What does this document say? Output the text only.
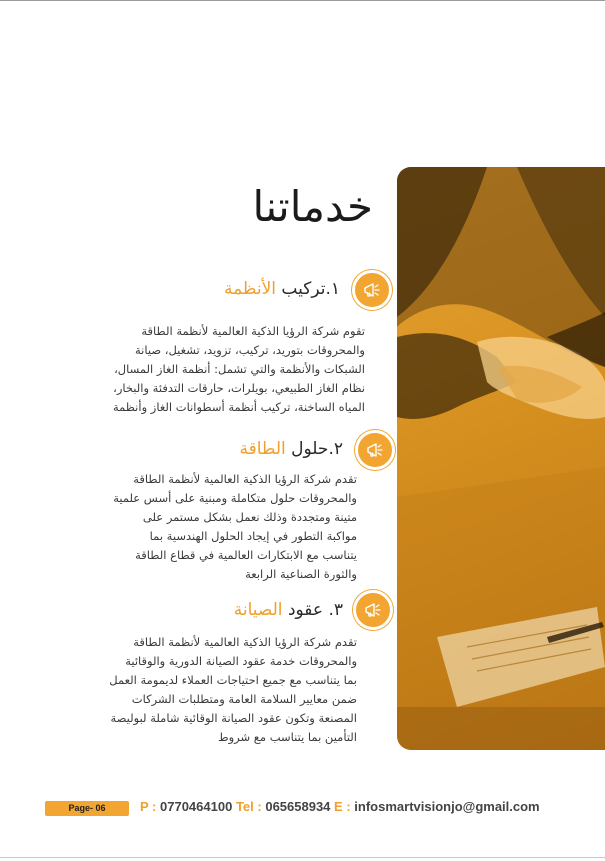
خدماتنا
١.تركيب الأنظمة
تقوم شركة الرؤيا الذكية العالمية لأنظمة الطاقة
والمحروقات بتوريد، تركيب، تزويد، تشغيل، صيانة
الشبكات والأنظمة والتي تشمل: أنظمة الغاز المسال،
نظام الغاز الطبيعي، بويلرات، حارقات التدفئة والبخار،
المياه الساخنة، تركيب أنظمة أسطوانات الغاز وأنظمة
٢.حلول الطاقة
تقدم شركة الرؤيا الذكية العالمية لأنظمة الطاقة
والمحروقات حلول متكاملة ومبنية على أسس علمية
متينة ومتجددة وذلك نعمل بشكل مستمر على
مواكبة التطور في إيجاد الحلول الهندسية بما
يتناسب مع الابتكارات العالمية في قطاع الطاقة
والثورة الصناعية الرابعة
٣. عقود الصيانة
تقدم شركة الرؤيا الذكية العالمية لأنظمة الطاقة
والمحروقات خدمة عقود الصيانة الدورية والوقائية
بما يتناسب مع جميع احتياجات العملاء لديمومة العمل
ضمن معايير السلامة العامة ومتطلبات الشركات
المصنعة وتكون عقود الصيانة الوقائية شاملة لبوليصة
التأمين بما يتناسب مع شروط
Page- 06	P : 0770464100 Tel : 065658934 E : infosmartvisionjo@gmail.com
